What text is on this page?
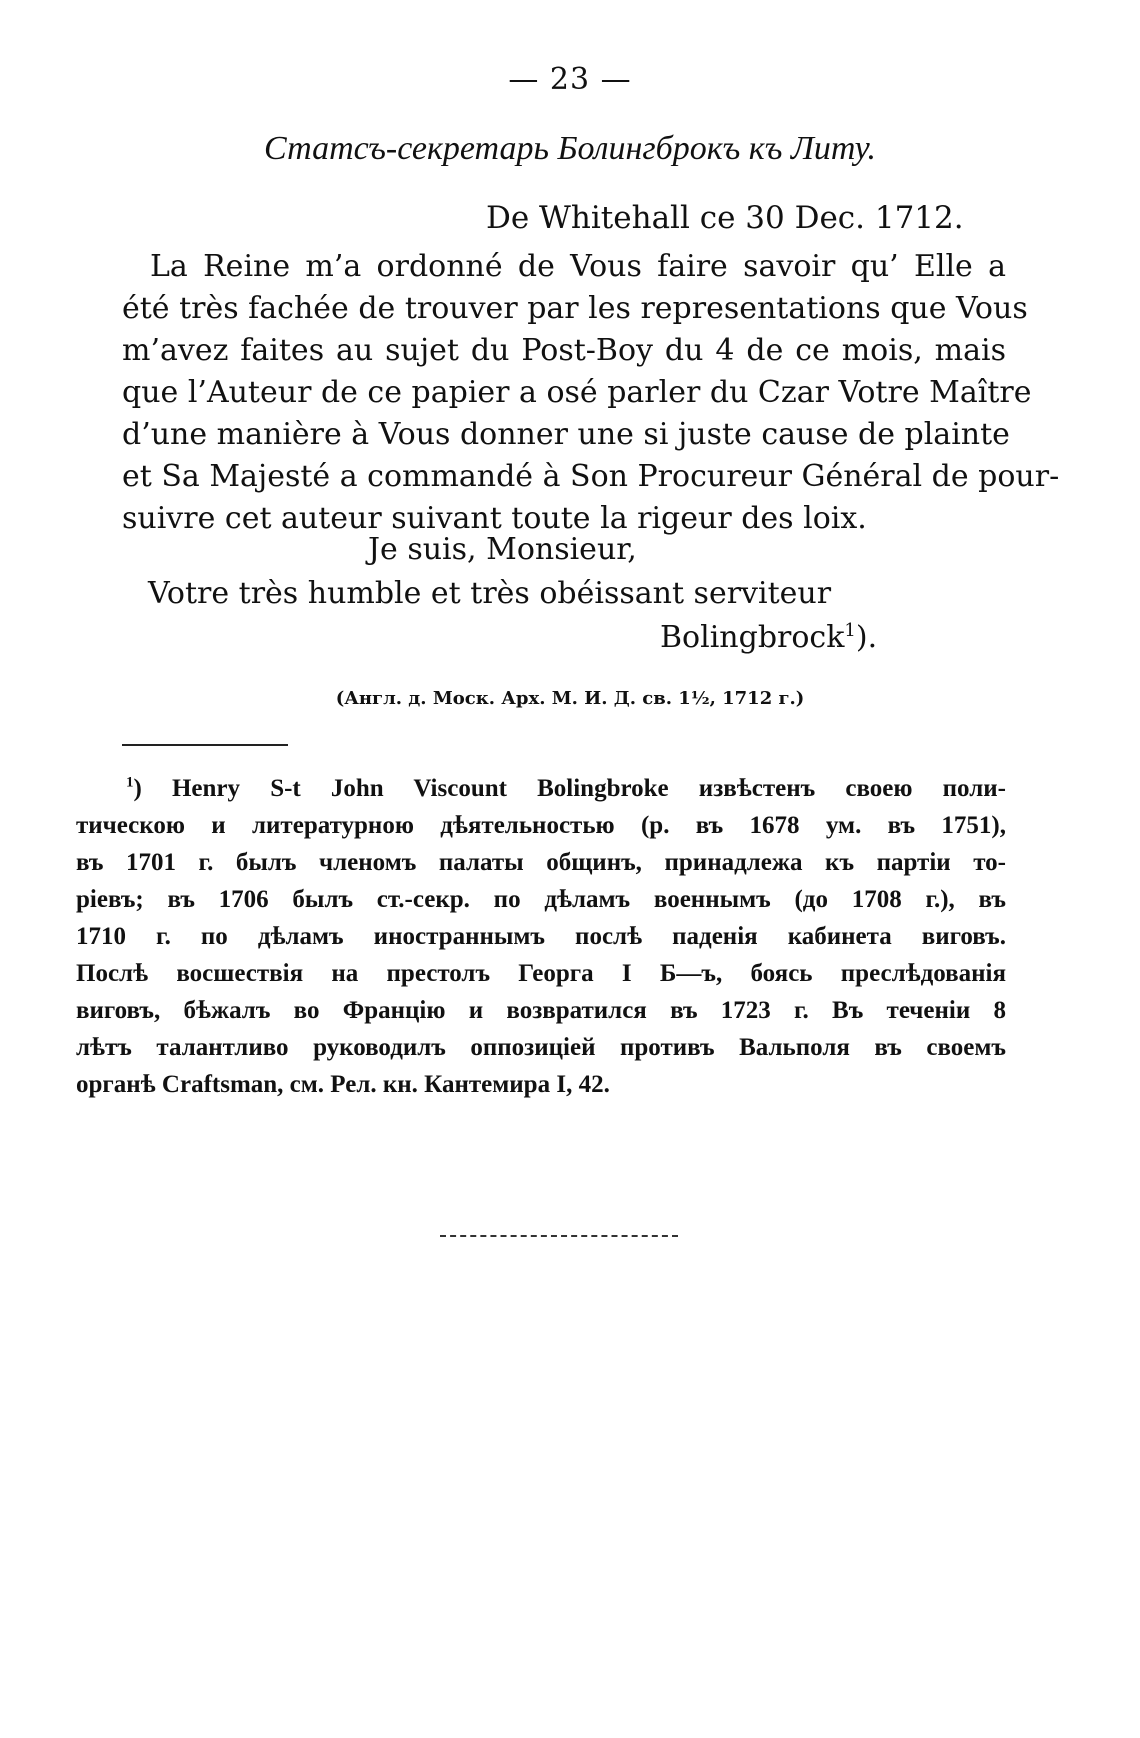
— 23 —
Статсъ-секретарь Болингброкъ къ Литу.
De Whitehall ce 30 Dec. 1712.
La Reine m’a ordonné de Vous faire savoir qu’ Elle a
été très fachée de trouver par les representations que Vous
m’avez faites au sujet du Post-Boy du 4 de ce mois, mais
que l’Auteur de ce papier a osé parler du Czar Votre Maître
d’une manière à Vous donner une si juste cause de plainte
et Sa Majesté a commandé à Son Procureur Général de pour-
suivre cet auteur suivant toute la rigeur des loix.
Je suis, Monsieur,
Votre très humble et très obéissant serviteur
Bolingbrock$^1$).
(Англ. д. Моск. Арх. М. И. Д. св. 1½, 1712 г.)
$^1$) Henry S-t John Viscount Bolingbroke извѣстенъ своею поли-
тическою и литературною дѣятельностью (р. въ 1678 ум. въ 1751),
въ 1701 г. былъ членомъ палаты общинъ, принадлежа къ партіи то-
ріевъ; въ 1706 былъ ст.-секр. по дѣламъ военнымъ (до 1708 г.), въ
1710 г. по дѣламъ иностраннымъ послѣ паденія кабинета виговъ.
Послѣ восшествія на престолъ Георга I Б—ъ, боясь преслѣдованія
виговъ, бѣжалъ во Францію и возвратился въ 1723 г. Въ теченіи 8
лѣтъ талантливо руководилъ оппозиціей противъ Вальполя въ своемъ
органѣ Craftsman, см. Рел. кн. Кантемира I, 42.
